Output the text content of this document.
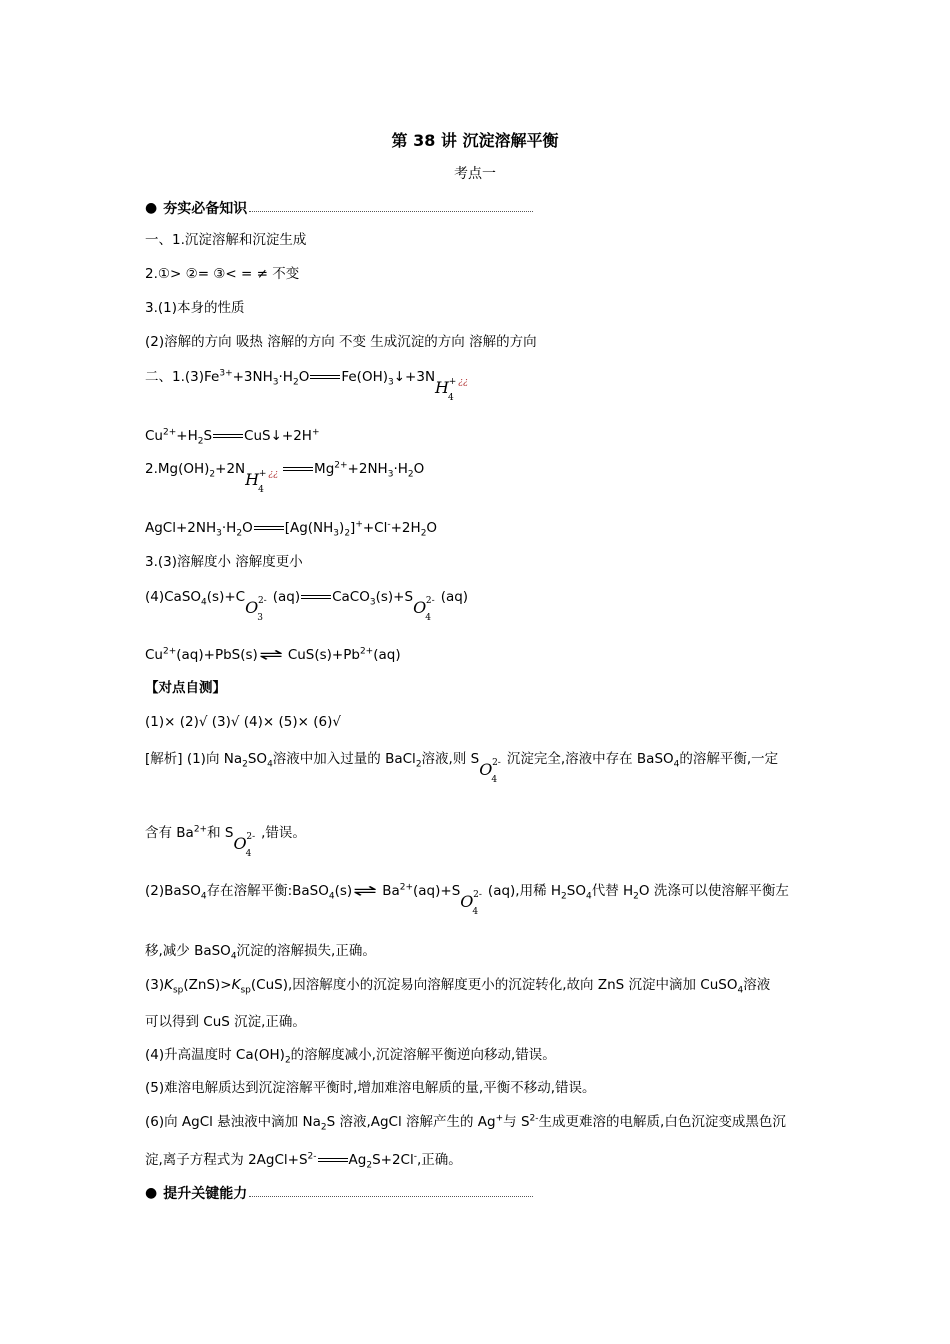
第 38 讲 沉淀溶解平衡
考点一
● 夯实必备知识
一、1.沉淀溶解和沉淀生成
2.①> ②= ③< = ≠ 不变
3.(1)本身的性质
(2)溶解的方向 吸热 溶解的方向 不变 生成沉淀的方向 溶解的方向
二、$1.(3)Fe^{3+}+3NH_3\cdot H_2O$ $Fe(OH)_3↓+3NH_4^+$ ¿¿
$Cu^{2+}+H_2S$ CuS↓+2H+
$2.Mg(OH)_2+2NH_4^+$ ¿¿	$Mg^{2+}+2NH_3\cdot H_2O$
$AgCl+2NH_3\cdot H_2O$ $[Ag(NH_3)_2]^++Cl^-+2H_2O$
3.(3)溶解度小 溶解度更小
$(4)CaSO_4(s)+CO_3^{2-}$ (aq) $CaCO_3(s)+SO_4^{2-}$ (aq)
$Cu^{2+}(aq)+PbS(s)$ ⇌ $CuS(s)+Pb^{2+}(aq)$
【对点自测】
(1)× (2)√ (3)√ (4)× (5)× (6)√
[解析] (1)向 $Na_2SO_4$溶液中加入过量的 BaCl$_2$溶液,则 $SO_4^{2-}$ 沉淀完全,溶液中存在 BaSO$_4$的溶解平衡,一定
含有 $Ba^{2+}$和 $SO_4^{2-}$ ,错误。
(2)BaSO$_4$存在溶解平衡:BaSO$_4$(s) ⇌ $Ba^{2+}(aq)+SO_4^{2-}$ (aq),用稀 $H_2SO_4$代替 $H_2O$ 洗涤可以使溶解平衡左
移,减少 BaSO$_4$沉淀的溶解损失,正确。
$(3)K_{sp}(ZnS)>K_{sp}(CuS)$,因溶解度小的沉淀易向溶解度更小的沉淀转化,故向 ZnS 沉淀中滴加 CuSO$_4$溶液
可以得到 CuS 沉淀,正确。
(4)升高温度时 $Ca(OH)_2$的溶解度减小,沉淀溶解平衡逆向移动,错误。
(5)难溶电解质达到沉淀溶解平衡时,增加难溶电解质的量,平衡不移动,错误。
(6)向 AgCl 悬浊液中滴加 $Na_2S$ 溶液,AgCl 溶解产生的 Ag+与 $S^{2-}$生成更难溶的电解质,白色沉淀变成黑色沉
淀,离子方程式为 $2AgCl+S^{2-}$ $Ag_2S+2Cl^-$,正确。
● 提升关键能力
